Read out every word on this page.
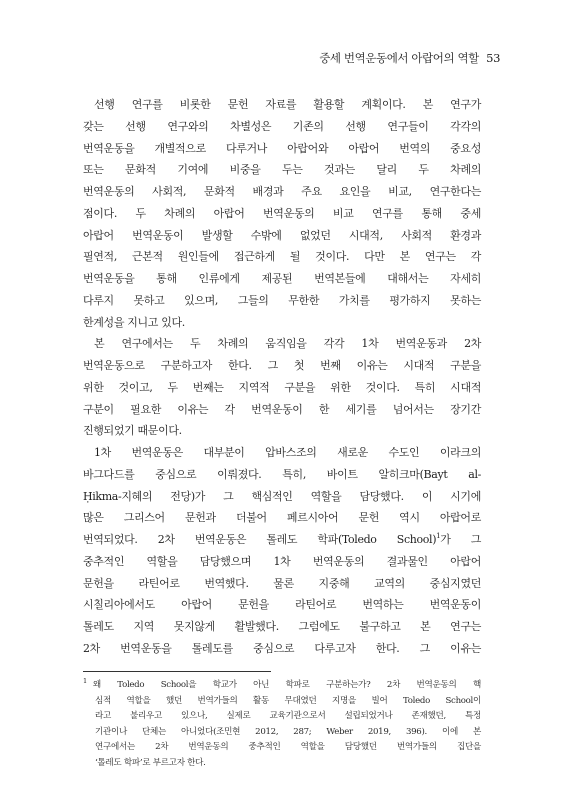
중세 번역운동에서 아랍어의 역할 53
선행 연구를 비롯한 문헌 자료를 활용할 계획이다. 본 연구가
갖는 선행 연구와의 차별성은 기존의 선행 연구들이 각각의
번역운동을 개별적으로 다루거나 아랍어와 아랍어 번역의 중요성
또는 문화적 기여에 비중을 두는 것과는 달리 두 차례의
번역운동의 사회적, 문화적 배경과 주요 요인을 비교, 연구한다는
점이다. 두 차례의 아랍어 번역운동의 비교 연구를 통해 중세
아랍어 번역운동이 발생할 수밖에 없었던 시대적, 사회적 환경과
필연적, 근본적 원인들에 접근하게 될 것이다. 다만 본 연구는 각
번역운동을 통해 인류에게 제공된 번역본들에 대해서는 자세히
다루지 못하고 있으며, 그들의 무한한 가치를 평가하지 못하는
한계성을 지니고 있다.
본 연구에서는 두 차례의 움직임을 각각 1차 번역운동과 2차
번역운동으로 구분하고자 한다. 그 첫 번째 이유는 시대적 구분을
위한 것이고, 두 번째는 지역적 구분을 위한 것이다. 특히 시대적
구분이 필요한 이유는 각 번역운동이 한 세기를 넘어서는 장기간
진행되었기 때문이다.
1차 번역운동은 대부분이 압바스조의 새로운 수도인 이라크의
바그다드를 중심으로 이뤄졌다. 특히, 바이트 알히크마(Bayt al-
Ḥikma-지혜의 전당)가 그 핵심적인 역할을 담당했다. 이 시기에
많은 그리스어 문헌과 더불어 페르시아어 문헌 역시 아랍어로
번역되었다. 2차 번역운동은 톨레도 학파(Toledo School)$^1$가 그
중추적인 역할을 담당했으며 1차 번역운동의 결과물인 아랍어
문헌을 라틴어로 번역했다. 물론 지중해 교역의 중심지였던
시칠리아에서도 아랍어 문헌을 라틴어로 번역하는 번역운동이
톨레도 지역 못지않게 활발했다. 그럼에도 불구하고 본 연구는
2차 번역운동을 톨레도를 중심으로 다루고자 한다. 그 이유는
$^1$ 왜 Toledo School을 학교가 아닌 학파로 구분하는가? 2차 번역운동의 핵
심적 역할을 했던 번역가들의 활동 무대였던 지명을 빌어 Toledo School이
라고 불리우고 있으나, 실제로 교육기관으로서 설립되었거나 존재했던, 특정
기관이나 단체는 아니었다(조민현 2012, 287; Weber 2019, 396). 이에 본
연구에서는 2차 번역운동의 중추적인 역할을 담당했던 번역가들의 집단을
‘톨레도 학파’로 부르고자 한다.
